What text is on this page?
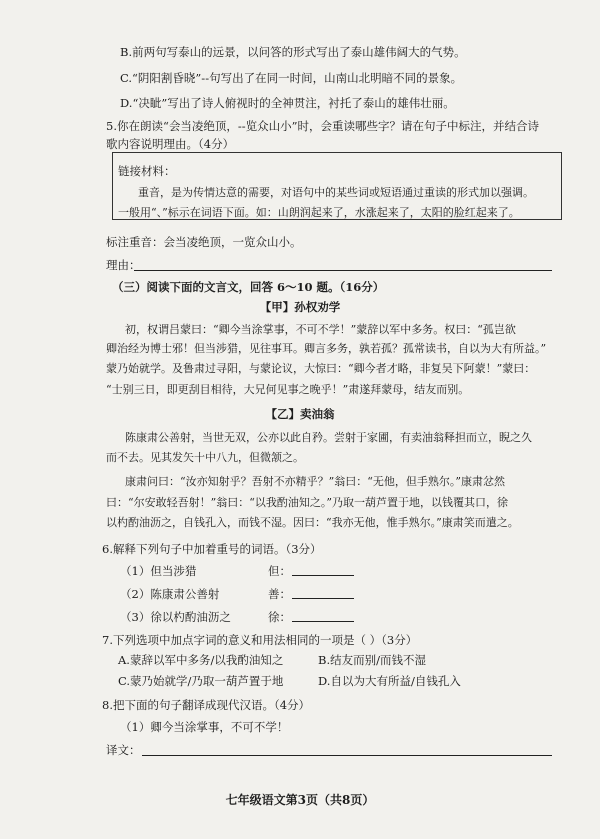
B.前两句写泰山的远景，以问答的形式写出了泰山雄伟阔大的气势。
C.“阴阳割昏晓”--句写出了在同一时间，山南山北明暗不同的景象。
D.“决眦”写出了诗人俯视时的全神贯注，衬托了泰山的雄伟壮丽。
5.你在朗读“会当凌绝顶，--览众山小”时，会重读哪些字？请在句子中标注，并结合诗
歌内容说明理由。（4分）
链接材料：
重音，是为传情达意的需要，对语句中的某些词或短语通过重读的形式加以强调。
一般用“、”标示在词语下面。如：山朗润起来了，水涨起来了，太阳的脸红起来了。
标注重音：会当凌绝顶，一览众山小。
理由：
（三）阅读下面的文言文，回答 6～10 题。（16分）
【甲】孙权劝学
初，权谓吕蒙曰：“卿今当涂掌事，不可不学！”蒙辞以军中多务。权曰：“孤岂欲
卿治经为博士邪！但当涉猎，见往事耳。卿言多务，孰若孤？孤常读书，自以为大有所益。”
蒙乃始就学。及鲁肃过寻阳，与蒙论议，大惊曰：“卿今者才略，非复吴下阿蒙！”蒙曰：
“士别三日，即更刮目相待，大兄何见事之晚乎！”肃遂拜蒙母，结友而别。
【乙】卖油翁
陈康肃公善射，当世无双，公亦以此自矜。尝射于家圃，有卖油翁释担而立，睨之久
而不去。见其发矢十中八九，但微颔之。
康肃问曰：“汝亦知射乎？吾射不亦精乎？”翁曰：“无他，但手熟尔。”康肃忿然
曰：“尔安敢轻吾射！”翁曰：“以我酌油知之。”乃取一葫芦置于地，以钱覆其口，徐
以杓酌油沥之，自钱孔入，而钱不湿。因曰：“我亦无他，惟手熟尔。”康肃笑而遣之。
6.解释下列句子中加着重号的词语。（3分）
（1）但当涉猎	但：
（2）陈康肃公善射	善：
（3）徐以杓酌油沥之	徐：
7.下列选项中加点字词的意义和用法相同的一项是（ ）（3分）
A.蒙辞以军中多务/以我酌油知之	B.结友而别/而钱不湿
C.蒙乃始就学/乃取一葫芦置于地	D.自以为大有所益/自钱孔入
8.把下面的句子翻译成现代汉语。（4分）
（1）卿今当涂掌事，不可不学！
译文：
七年级语文第3页（共8页）
